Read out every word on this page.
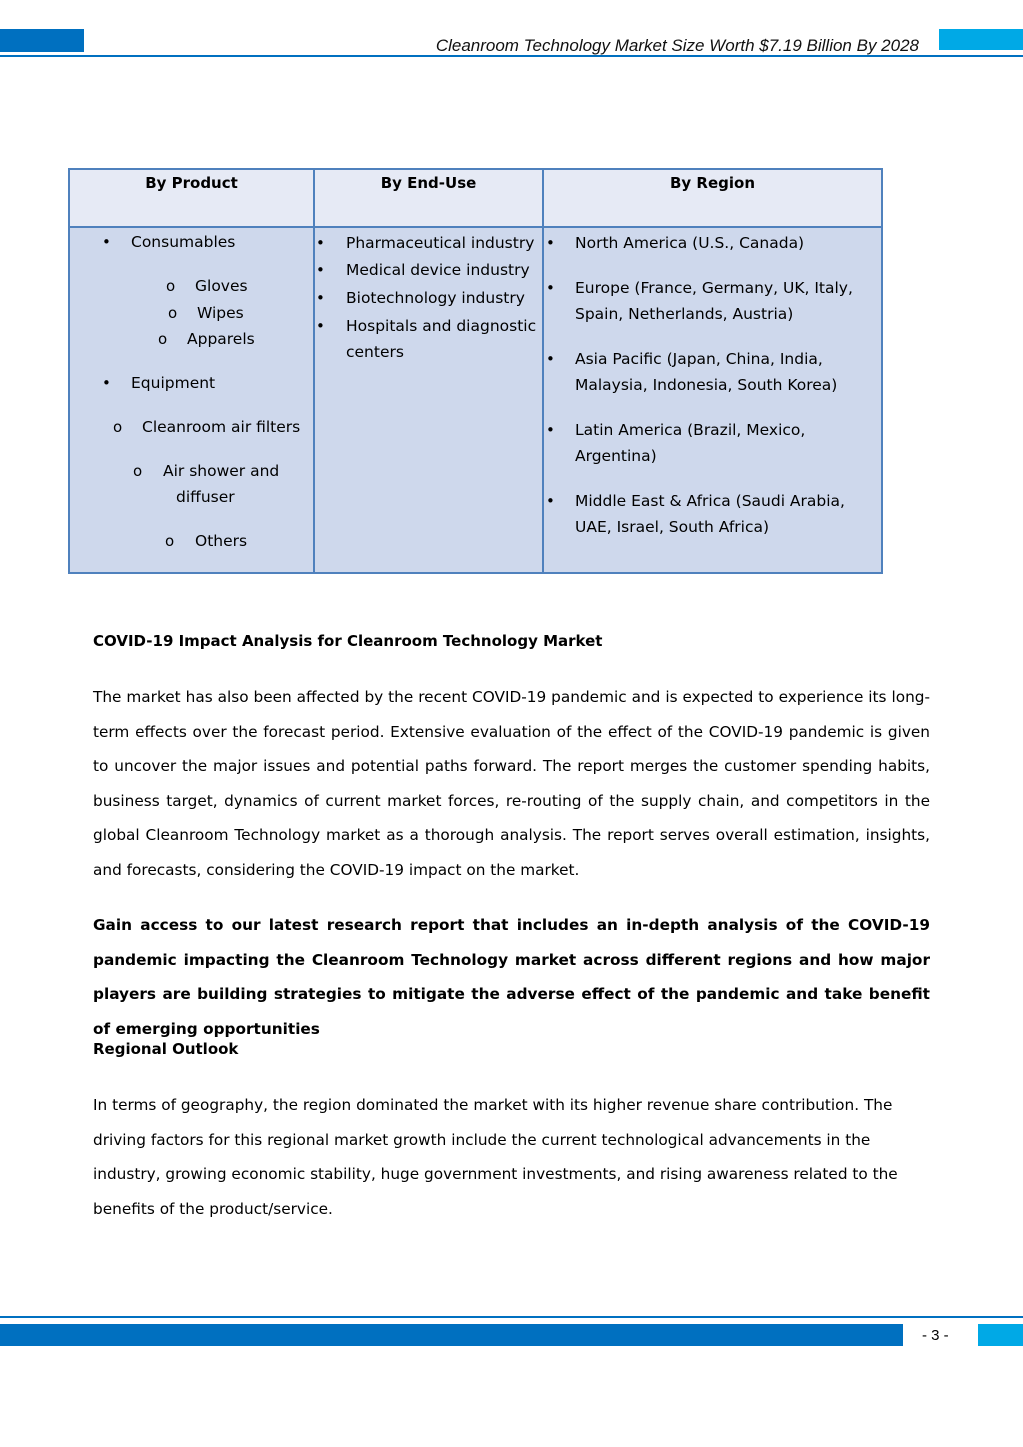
Cleanroom Technology Market Size Worth $7.19 Billion By 2028
By Product	By End-Use	By Region
• Consumables
o Gloves
o Wipes
o Apparels
• Equipment
o Cleanroom air filters
o Air shower and
diffuser
o Others
• Pharmaceutical industry
• Medical device industry
• Biotechnology industry
• Hospitals and diagnostic
centers
• North America (U.S., Canada)
• Europe (France, Germany, UK, Italy,
Spain, Netherlands, Austria)
• Asia Pacific (Japan, China, India,
Malaysia, Indonesia, South Korea)
• Latin America (Brazil, Mexico,
Argentina)
• Middle East & Africa (Saudi Arabia,
UAE, Israel, South Africa)
COVID-19 Impact Analysis for Cleanroom Technology Market
The market has also been affected by the recent COVID-19 pandemic and is expected to experience its long-term effects over the forecast period. Extensive evaluation of the effect of the COVID-19 pandemic is given to uncover the major issues and potential paths forward. The report merges the customer spending habits, business target, dynamics of current market forces, re-routing of the supply chain, and competitors in the global Cleanroom Technology market as a thorough analysis. The report serves overall estimation, insights, and forecasts, considering the COVID-19 impact on the market.
Gain access to our latest research report that includes an in-depth analysis of the COVID-19 pandemic impacting the Cleanroom Technology market across different regions and how major players are building strategies to mitigate the adverse effect of the pandemic and take benefit of emerging opportunities
Regional Outlook
In terms of geography, the region dominated the market with its higher revenue share contribution. The driving factors for this regional market growth include the current technological advancements in the industry, growing economic stability, huge government investments, and rising awareness related to the benefits of the product/service.
- 3 -
